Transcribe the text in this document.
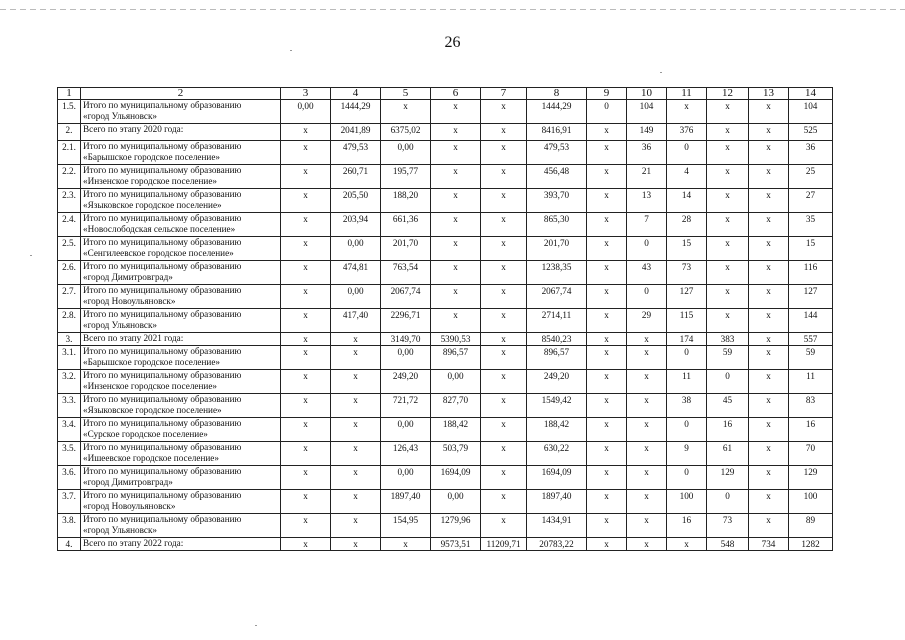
26
1	2	3	4	5	6	7	8	9	10	11	12	13	14
1.5.	Итого по муниципальному образованию
«город Ульяновск»	0,00	1444,29	x	x	x	1444,29	0	104	x	x	x	104
2.	Всего по этапу 2020 года:	x	2041,89	6375,02	x	x	8416,91	x	149	376	x	x	525
2.1.	Итого по муниципальному образованию
«Барышское городское поселение»	x	479,53	0,00	x	x	479,53	x	36	0	x	x	36
2.2.	Итого по муниципальному образованию
«Инзенское городское поселение»	x	260,71	195,77	x	x	456,48	x	21	4	x	x	25
2.3.	Итого по муниципальному образованию
«Языковское городское поселение»	x	205,50	188,20	x	x	393,70	x	13	14	x	x	27
2.4.	Итого по муниципальному образованию
«Новослободская сельское поселение»	x	203,94	661,36	x	x	865,30	x	7	28	x	x	35
2.5.	Итого по муниципальному образованию
«Сенгилеевское городское поселение»	x	0,00	201,70	x	x	201,70	x	0	15	x	x	15
2.6.	Итого по муниципальному образованию
«город Димитровград»	x	474,81	763,54	x	x	1238,35	x	43	73	x	x	116
2.7.	Итого по муниципальному образованию
«город Новоульяновск»	x	0,00	2067,74	x	x	2067,74	x	0	127	x	x	127
2.8.	Итого по муниципальному образованию
«город Ульяновск»	x	417,40	2296,71	x	x	2714,11	x	29	115	x	x	144
3.	Всего по этапу 2021 года:	x	x	3149,70	5390,53	x	8540,23	x	x	174	383	x	557
3.1.	Итого по муниципальному образованию
«Барышское городское поселение»	x	x	0,00	896,57	x	896,57	x	x	0	59	x	59
3.2.	Итого по муниципальному образованию
«Инзенское городское поселение»	x	x	249,20	0,00	x	249,20	x	x	11	0	x	11
3.3.	Итого по муниципальному образованию
«Языковское городское поселение»	x	x	721,72	827,70	x	1549,42	x	x	38	45	x	83
3.4.	Итого по муниципальному образованию
«Сурское городское поселение»	x	x	0,00	188,42	x	188,42	x	x	0	16	x	16
3.5.	Итого по муниципальному образованию
«Ишеевское городское поселение»	x	x	126,43	503,79	x	630,22	x	x	9	61	x	70
3.6.	Итого по муниципальному образованию
«город Димитровград»	x	x	0,00	1694,09	x	1694,09	x	x	0	129	x	129
3.7.	Итого по муниципальному образованию
«город Новоульяновск»	x	x	1897,40	0,00	x	1897,40	x	x	100	0	x	100
3.8.	Итого по муниципальному образованию
«город Ульяновск»	x	x	154,95	1279,96	x	1434,91	x	x	16	73	x	89
4.	Всего по этапу 2022 года:	x	x	x	9573,51	11209,71	20783,22	x	x	x	548	734	1282
